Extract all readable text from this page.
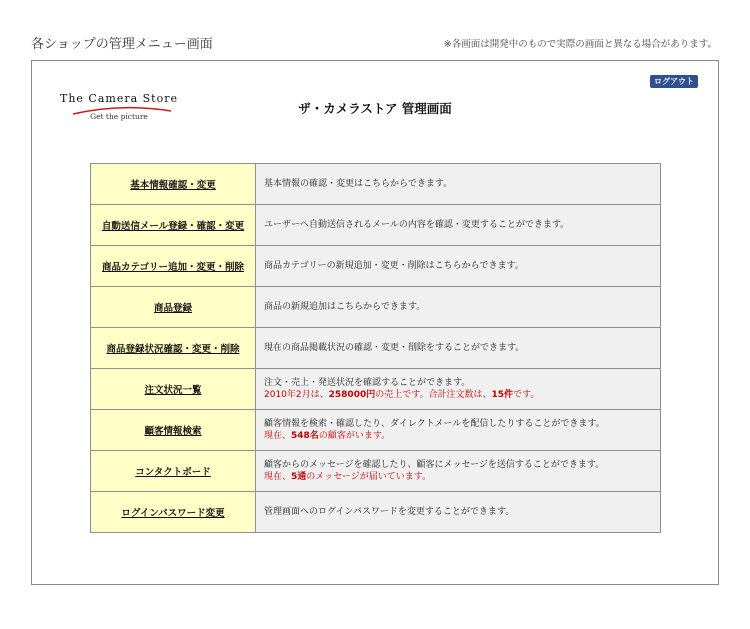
各ショップの管理メニュー画面	※各画面は開発中のもので実際の画面と異なる場合があります。
ログアウト
The Camera Store
Get the picture
ザ・カメラストア 管理画面
基本情報確認・変更	基本情報の確認・変更はこちらからできます。
自動送信メール登録・確認・変更	ユーザーへ自動送信されるメールの内容を確認・変更することができます。
商品カテゴリー追加・変更・削除	商品カテゴリーの新規追加・変更・削除はこちらからできます。
商品登録	商品の新規追加はこちらからできます。
商品登録状況確認・変更・削除	現在の商品掲載状況の確認・変更・削除をすることができます。
注文状況一覧	注文・売上・発送状況を確認することができます。
2010年2月は、258000円の売上です。合計注文数は、15件です。

顧客情報検索	顧客情報を検索・確認したり、ダイレクトメールを配信したりすることができます。
現在、548名の顧客がいます。

コンタクトボード	顧客からのメッセージを確認したり、顧客にメッセージを送信することができます。
現在、5通のメッセージが届いています。

ログインパスワード変更	管理画面へのログインパスワードを変更することができます。
